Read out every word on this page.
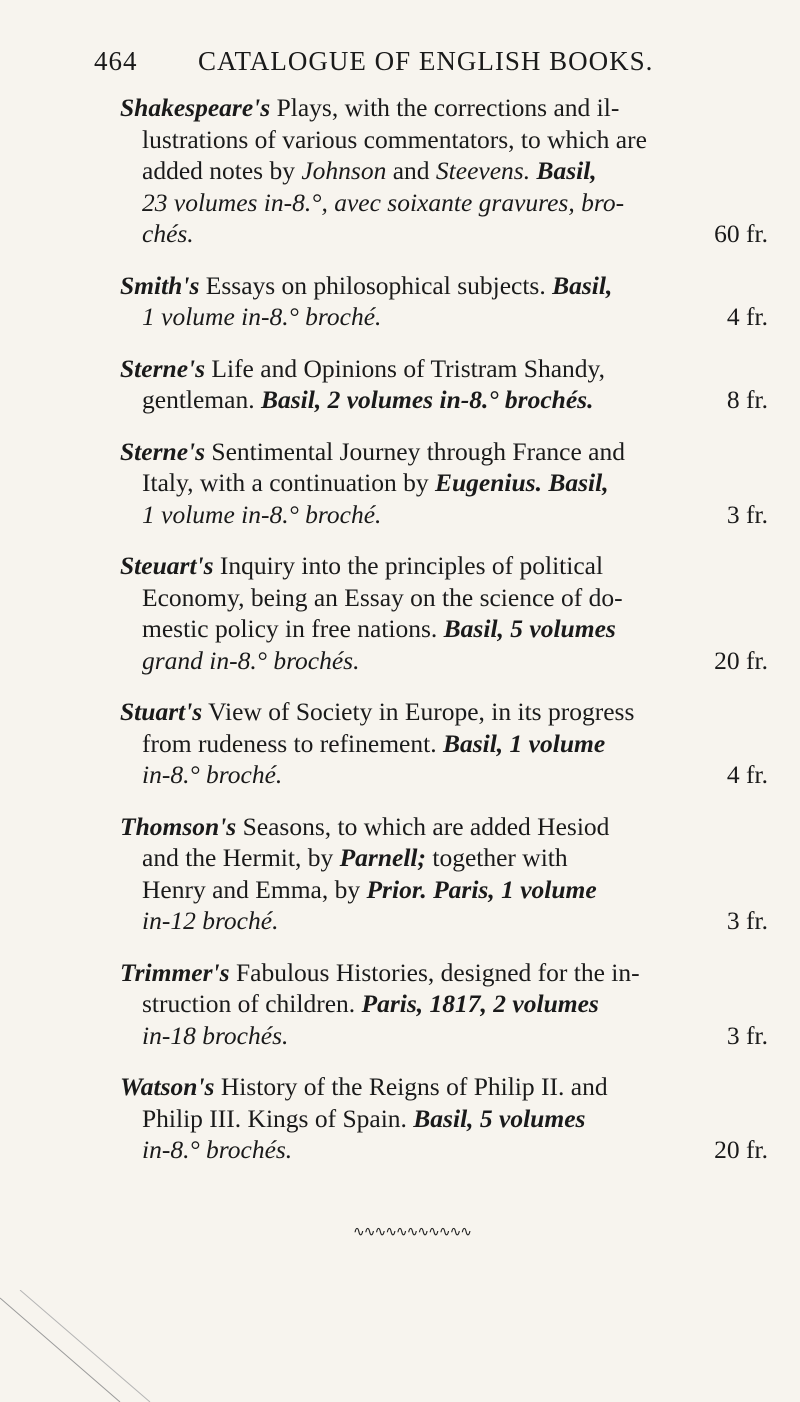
464 CATALOGUE OF ENGLISH BOOKS.
Shakespeare's Plays, with the corrections and il-
lustrations of various commentators, to which are
added notes by Johnson and Steevens. Basil,
23 volumes in-8.°, avec soixante gravures, bro-
chés.	60 fr.
Smith's Essays on philosophical subjects. Basil,
1 volume in-8.° broché.	4 fr.
Sterne's Life and Opinions of Tristram Shandy,
gentleman. Basil, 2 volumes in-8.° brochés.	8 fr.
Sterne's Sentimental Journey through France and
Italy, with a continuation by Eugenius. Basil,
1 volume in-8.° broché.	3 fr.
Steuart's Inquiry into the principles of political
Economy, being an Essay on the science of do-
mestic policy in free nations. Basil, 5 volumes
grand in-8.° brochés.	20 fr.
Stuart's View of Society in Europe, in its progress
from rudeness to refinement. Basil, 1 volume
in-8.° broché.	4 fr.
Thomson's Seasons, to which are added Hesiod
and the Hermit, by Parnell; together with
Henry and Emma, by Prior. Paris, 1 volume
in-12 broché.	3 fr.
Trimmer's Fabulous Histories, designed for the in-
struction of children. Paris, 1817, 2 volumes
in-18 brochés.	3 fr.
Watson's History of the Reigns of Philip II. and
Philip III. Kings of Spain. Basil, 5 volumes
in-8.° brochés.	20 fr.
∿∿∿∿∿∿∿∿∿∿∿
